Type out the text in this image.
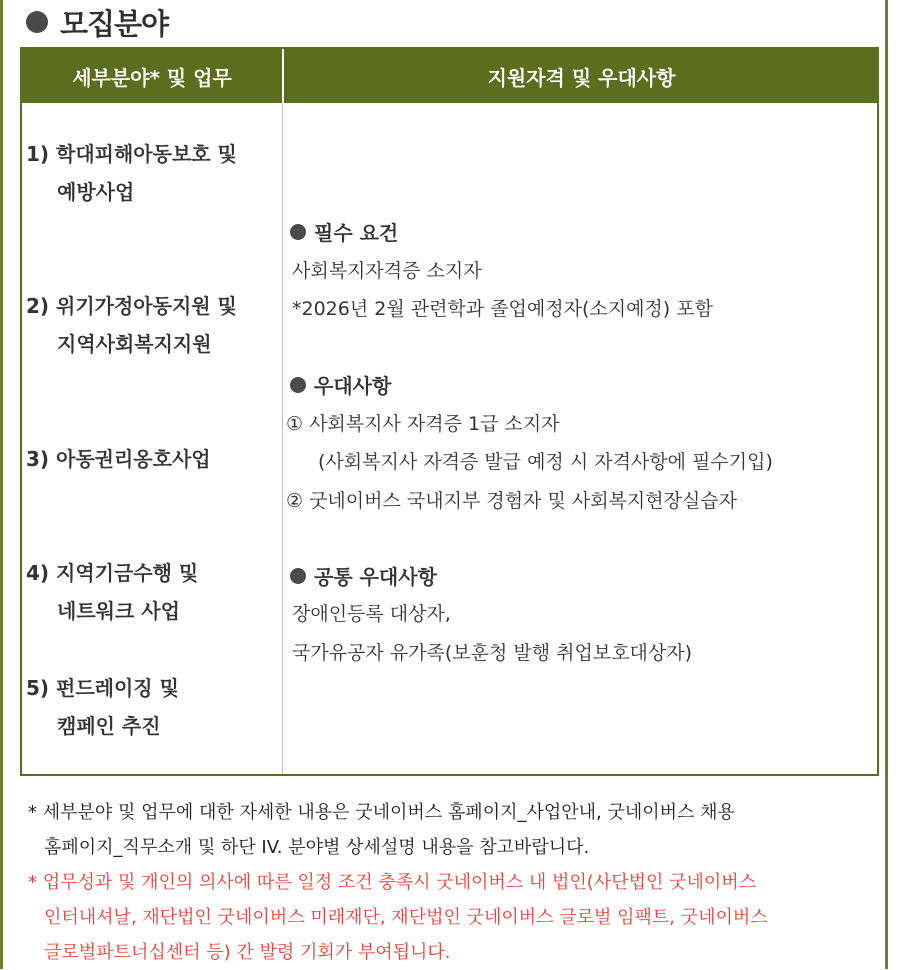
모집분야
세부분야* 및 업무	지원자격 및 우대사항
1) 학대피해아동보호 및
예방사업
2) 위기가정아동지원 및
지역사회복지지원
3) 아동권리옹호사업
4) 지역기금수행 및
네트워크 사업
5) 펀드레이징 및
캠페인 추진
필수 요건
사회복지자격증 소지자
*2026년 2월 관련학과 졸업예정자(소지예정) 포함
우대사항
① 사회복지사 자격증 1급 소지자
(사회복지사 자격증 발급 예정 시 자격사항에 필수기입)
② 굿네이버스 국내지부 경험자 및 사회복지현장실습자
공통 우대사항
장애인등록 대상자,
국가유공자 유가족(보훈청 발행 취업보호대상자)
* 세부분야 및 업무에 대한 자세한 내용은 굿네이버스 홈페이지_사업안내, 굿네이버스 채용
홈페이지_직무소개 및 하단 IV. 분야별 상세설명 내용을 참고바랍니다.
* 업무성과 및 개인의 의사에 따른 일정 조건 충족시 굿네이버스 내 법인(사단법인 굿네이버스
인터내셔날, 재단법인 굿네이버스 미래재단, 재단법인 굿네이버스 글로벌 임팩트, 굿네이버스
글로벌파트너십센터 등) 간 발령 기회가 부여됩니다.
